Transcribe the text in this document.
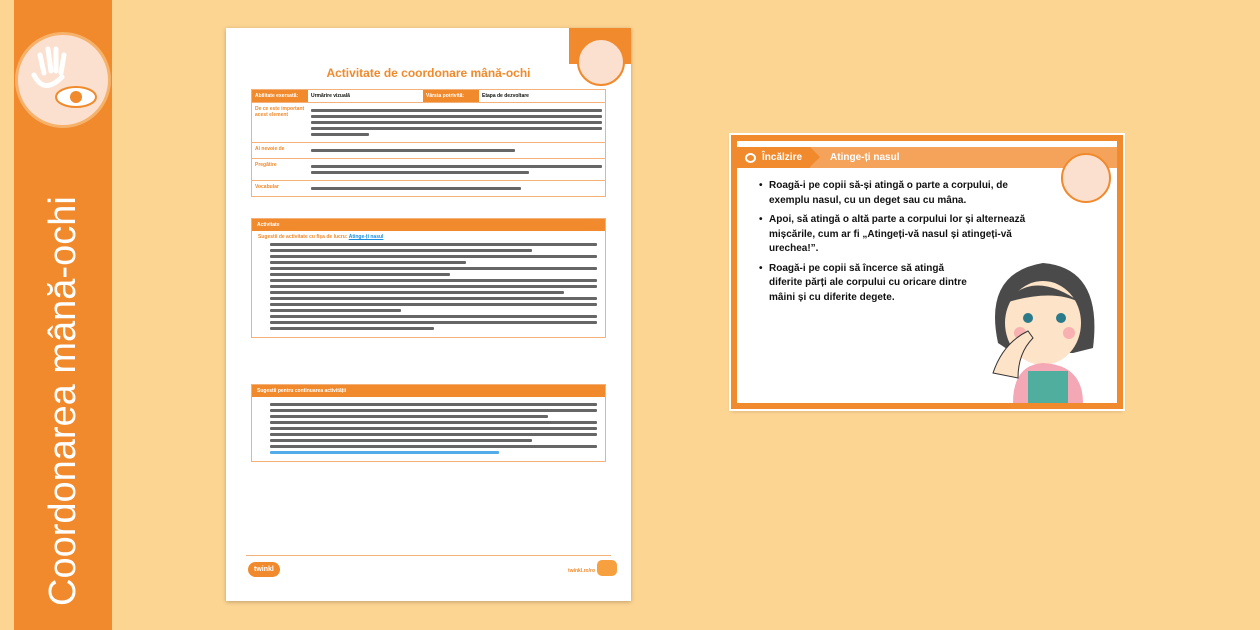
Coordonarea mână-ochi
Activitate de coordonare mână-ochi
Abilitate exersată:	Urmărire vizuală	Vârsta potrivită:	Etapa de dezvoltare
De ce este important acest element
Ai nevoie de
Pregătire
Vocabular
Activitate
Sugestii de activitate cu fișa de lucru: Atinge-ți nasul
Sugestii pentru continuarea activității
twinkl	twinkl.ro/ro
Încălzire	Atinge-ți nasul
• Roagă-i pe copii să-și atingă o parte a corpului, de exemplu nasul, cu un deget sau cu mâna.
• Apoi, să atingă o altă parte a corpului lor și alternează mișcările, cum ar fi „Atingeți-vă nasul și atingeți-vă urechea!”.
• Roagă-i pe copii să încerce să atingă diferite părți ale corpului cu oricare dintre mâini și cu diferite degete.
